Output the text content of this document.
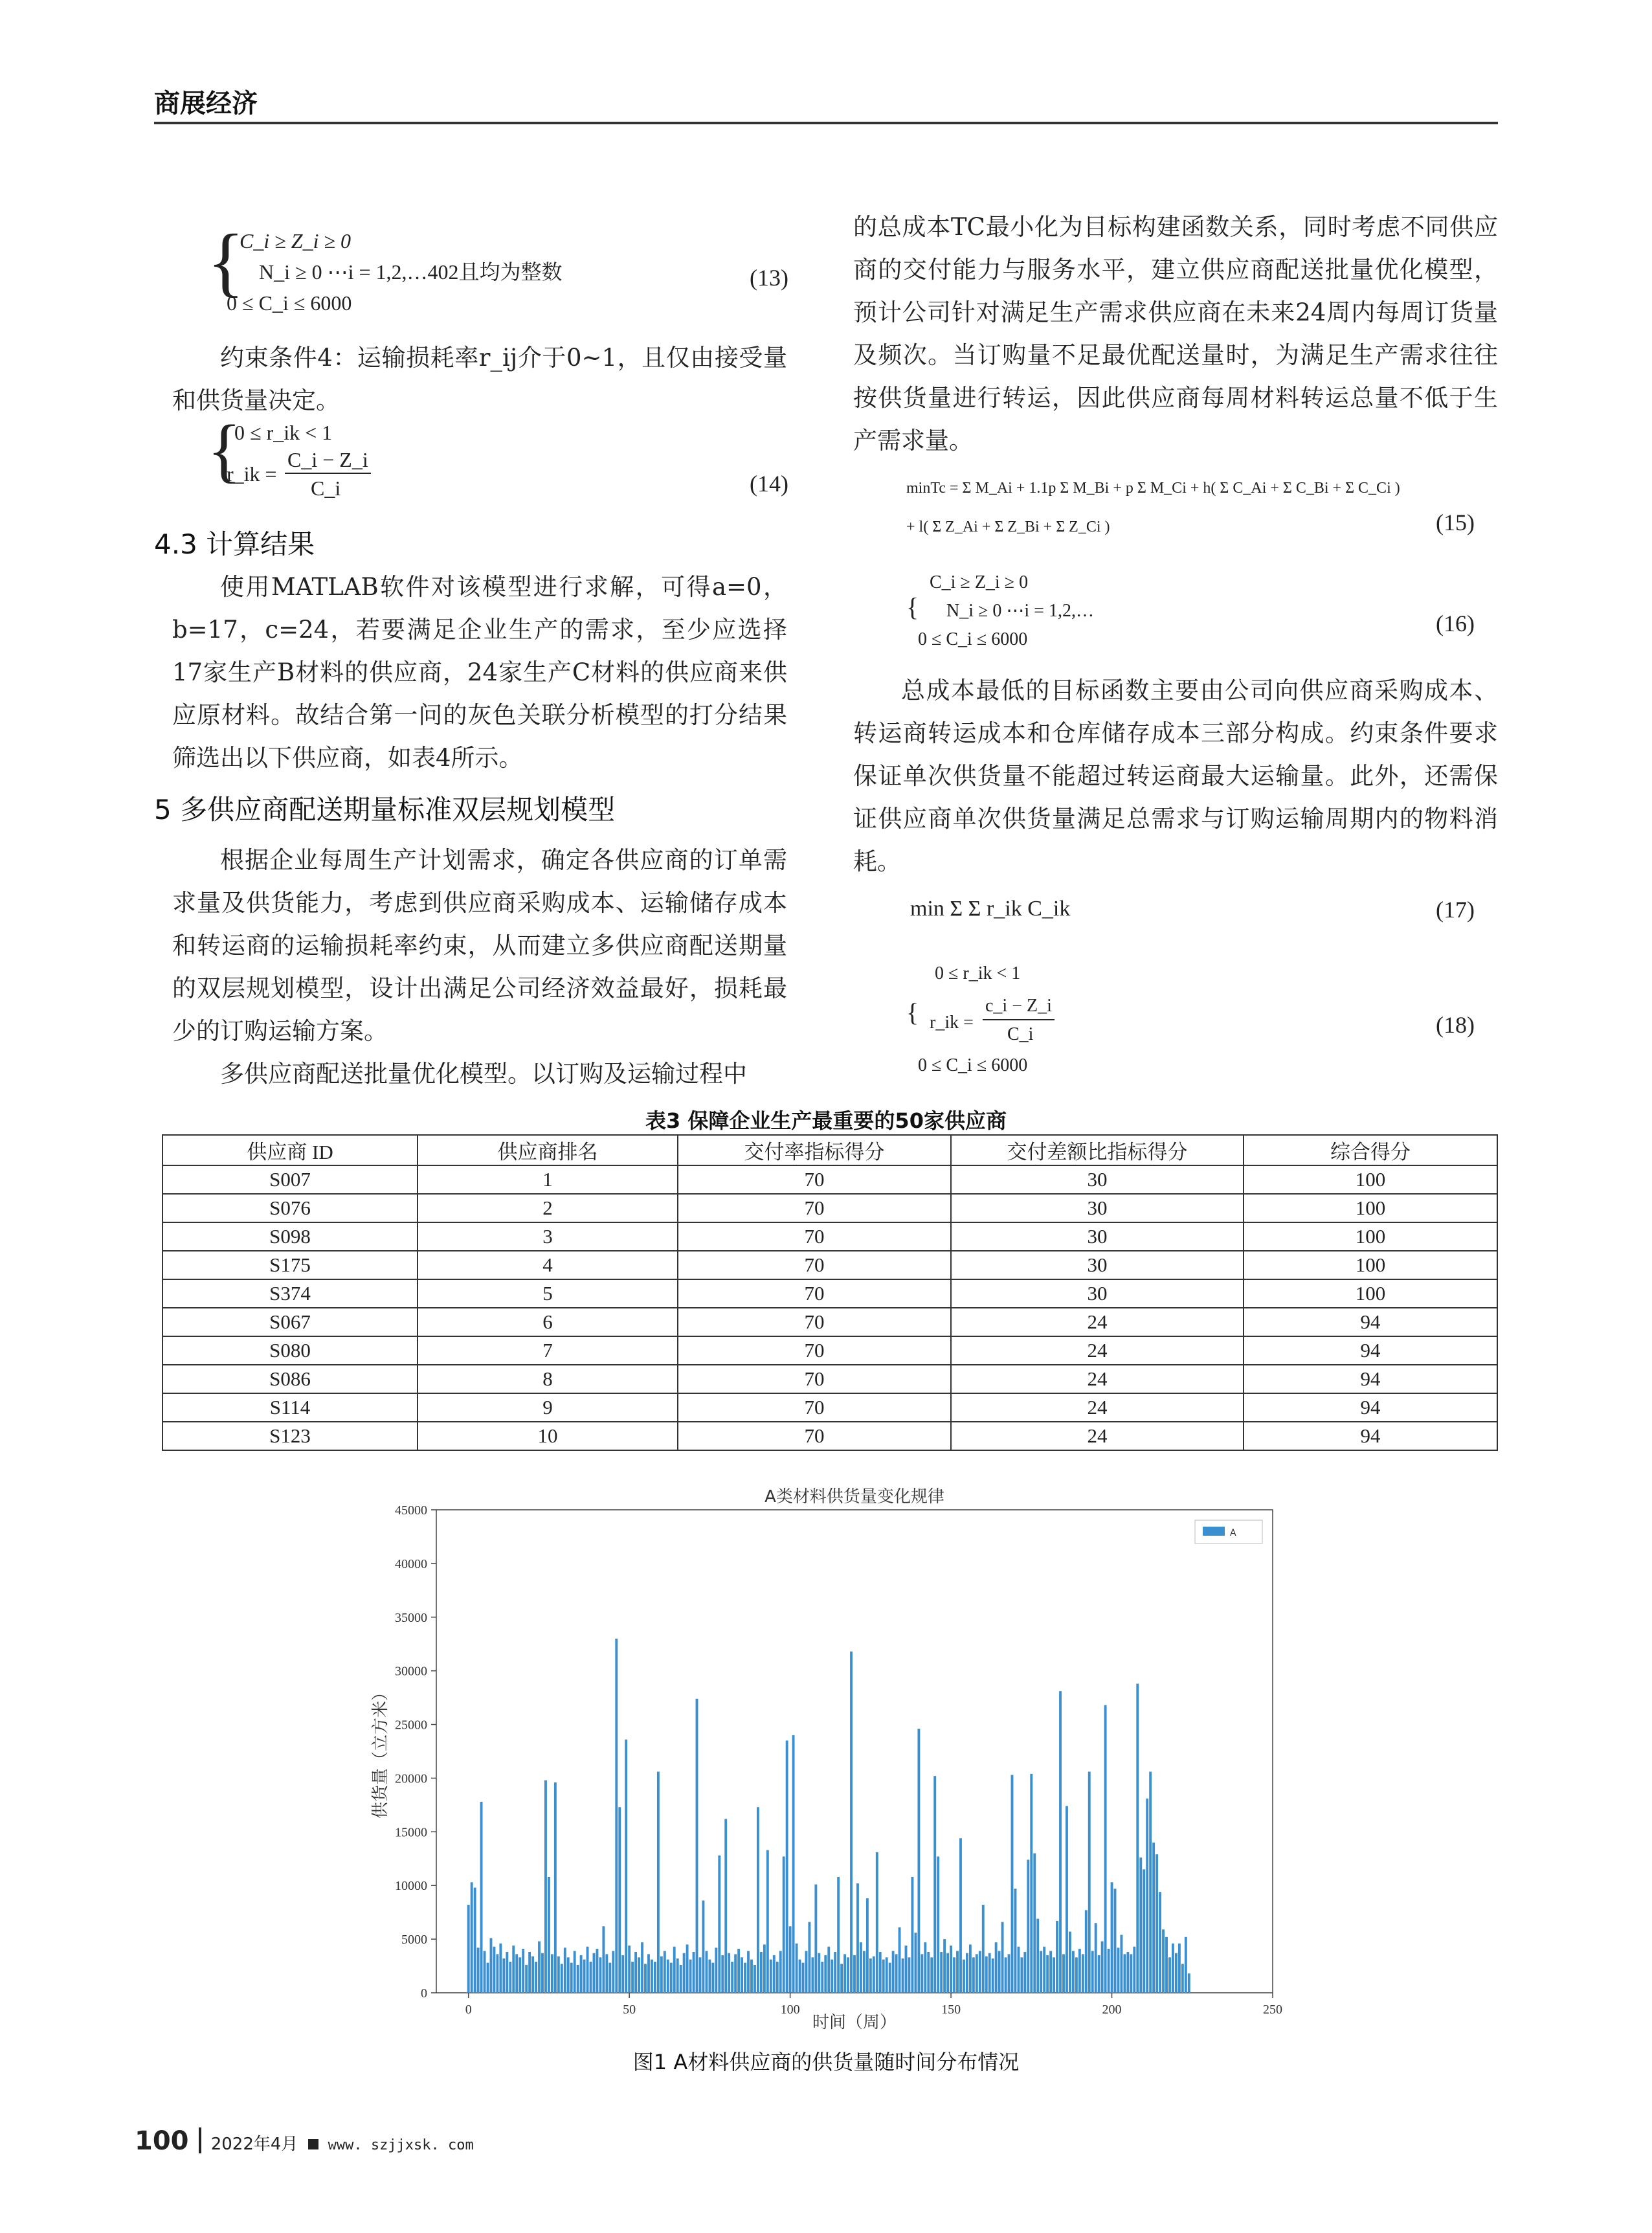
商展经济
{
C_i ≥ Z_i ≥ 0
N_i ≥ 0 ⋯i = 1,2,…402且均为整数
0 ≤ C_i ≤ 6000
(13)

约束条件4：运输损耗率r_ij介于0~1，且仅由接受量和供货量决定。

{
0 ≤ r_ik < 1
r_ik =
C_i − Z_i
C_i	(14)
4.3 计算结果

使用MATLAB软件对该模型进行求解，可得a=0，b=17，c=24，若要满足企业生产的需求，至少应选择17家生产B材料的供应商，24家生产C材料的供应商来供应原材料。故结合第一问的灰色关联分析模型的打分结果筛选出以下供应商，如表4所示。

5 多供应商配送期量标准双层规划模型

根据企业每周生产计划需求，确定各供应商的订单需求量及供货能力，考虑到供应商采购成本、运输储存成本和转运商的运输损耗率约束，从而建立多供应商配送期量的双层规划模型，设计出满足公司经济效益最好，损耗最少的订购运输方案。

多供应商配送批量优化模型。以订购及运输过程中

的总成本TC最小化为目标构建函数关系，同时考虑不同供应商的交付能力与服务水平，建立供应商配送批量优化模型，预计公司针对满足生产需求供应商在未来24周内每周订货量及频次。当订购量不足最优配送量时，为满足生产需求往往按供货量进行转运，因此供应商每周材料转运总量不低于生产需求量。

minTc = Σ M_Ai + 1.1p Σ M_Bi + p Σ M_Ci + h( Σ C_Ai + Σ C_Bi + Σ C_Ci )
+ l( Σ Z_Ai + Σ Z_Bi + Σ Z_Ci )	(15)
{
C_i ≥ Z_i ≥ 0
N_i ≥ 0 ⋯i = 1,2,…
0 ≤ C_i ≤ 6000
(16)

总成本最低的目标函数主要由公司向供应商采购成本、转运商转运成本和仓库储存成本三部分构成。约束条件要求保证单次供货量不能超过转运商最大运输量。此外，还需保证供应商单次供货量满足总需求与订购运输周期内的物料消耗。

min Σ Σ r_ik C_ik	(17)
{
0 ≤ r_ik < 1
r_ik =
c_i − Z_i
C_i
0 ≤ C_i ≤ 6000
(18)
表3 保障企业生产最重要的50家供应商
供应商 ID	供应商排名	交付率指标得分	交付差额比指标得分	综合得分
S007	1	70	30	100
S076	2	70	30	100
S098	3	70	30	100
S175	4	70	30	100
S374	5	70	30	100
S067	6	70	24	94
S080	7	70	24	94
S086	8	70	24	94
S114	9	70	24	94
S123	10	70	24	94
0	50	100	150	200	250
0
5000
10000
15000
20000
25000
30000
35000
40000
45000
A类材料供货量变化规律
时间（周）
供货量（立方米）
A
图1 A材料供应商的供货量随时间分布情况
100 2022年4月 www. szjjxsk. com
